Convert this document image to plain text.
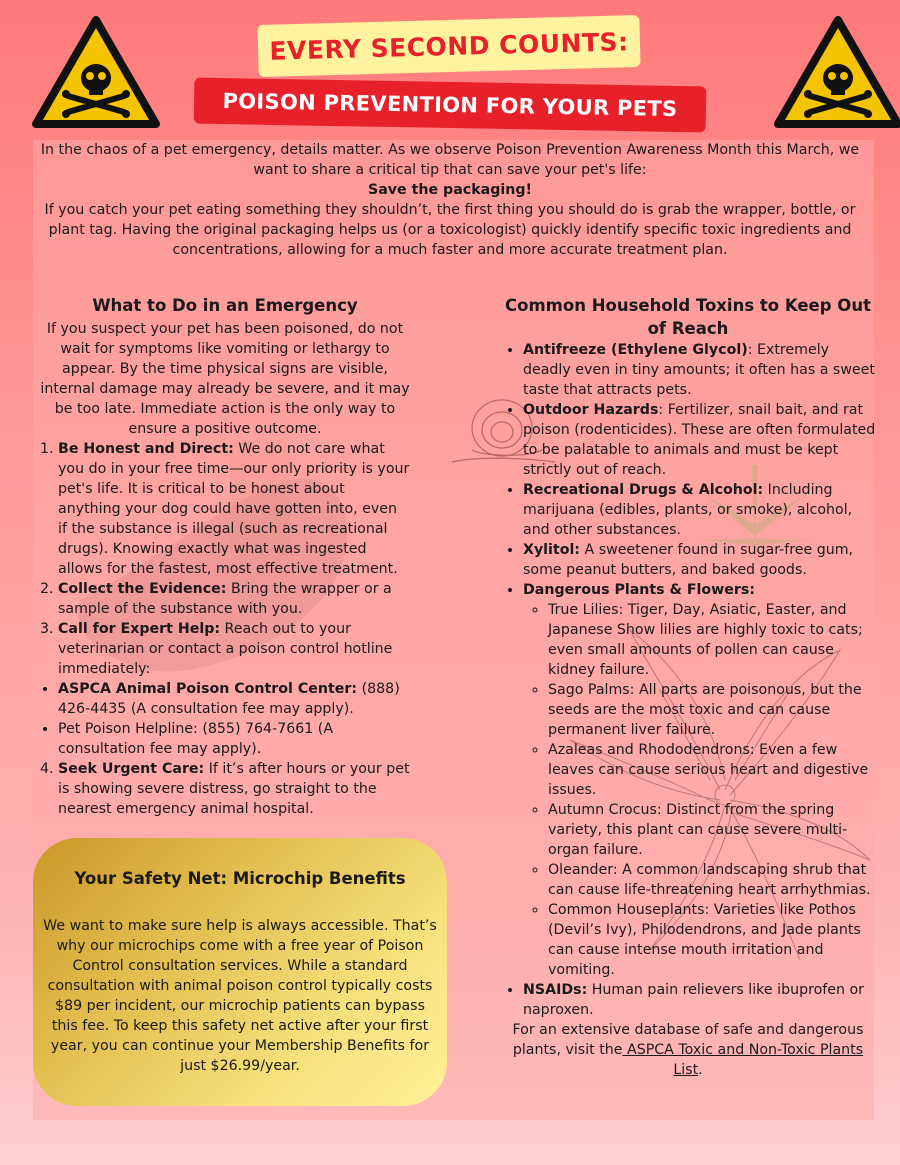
EVERY SECOND COUNTS:
POISON PREVENTION FOR YOUR PETS
In the chaos of a pet emergency, details matter. As we observe Poison Prevention Awareness Month this March, we want to share a critical tip that can save your pet's life:
Save the packaging!
If you catch your pet eating something they shouldn’t, the first thing you should do is grab the wrapper, bottle, or plant tag. Having the original packaging helps us (or a toxicologist) quickly identify specific toxic ingredients and concentrations, allowing for a much faster and more accurate treatment plan.
What to Do in an Emergency
If you suspect your pet has been poisoned, do not wait for symptoms like vomiting or lethargy to appear. By the time physical signs are visible, internal damage may already be severe, and it may be too late. Immediate action is the only way to ensure a positive outcome.
1. Be Honest and Direct: We do not care what you do in your free time—our only priority is your pet's life. It is critical to be honest about anything your dog could have gotten into, even if the substance is illegal (such as recreational drugs). Knowing exactly what was ingested allows for the fastest, most effective treatment.
2. Collect the Evidence: Bring the wrapper or a sample of the substance with you.
3. Call for Expert Help: Reach out to your veterinarian or contact a poison control hotline immediately:
• ASPCA Animal Poison Control Center: (888) 426-4435 (A consultation fee may apply).
• Pet Poison Helpline: (855) 764-7661 (A consultation fee may apply).
4. Seek Urgent Care: If it’s after hours or your pet is showing severe distress, go straight to the nearest emergency animal hospital.
Common Household Toxins to Keep Out of Reach
• Antifreeze (Ethylene Glycol): Extremely deadly even in tiny amounts; it often has a sweet taste that attracts pets.
• Outdoor Hazards: Fertilizer, snail bait, and rat poison (rodenticides). These are often formulated to be palatable to animals and must be kept strictly out of reach.
• Recreational Drugs & Alcohol: Including marijuana (edibles, plants, or smoke), alcohol, and other substances.
• Xylitol: A sweetener found in sugar-free gum, some peanut butters, and baked goods.
• Dangerous Plants & Flowers:
◦ True Lilies: Tiger, Day, Asiatic, Easter, and Japanese Show lilies are highly toxic to cats; even small amounts of pollen can cause kidney failure.
◦ Sago Palms: All parts are poisonous, but the seeds are the most toxic and can cause permanent liver failure.
◦ Azaleas and Rhododendrons: Even a few leaves can cause serious heart and digestive issues.
◦ Autumn Crocus: Distinct from the spring variety, this plant can cause severe multi-organ failure.
◦ Oleander: A common landscaping shrub that can cause life-threatening heart arrhythmias.
◦ Common Houseplants: Varieties like Pothos (Devil’s Ivy), Philodendrons, and Jade plants can cause intense mouth irritation and vomiting.
• NSAIDs: Human pain relievers like ibuprofen or naproxen.
For an extensive database of safe and dangerous plants, visit the ASPCA Toxic and Non-Toxic Plants List.
Your Safety Net: Microchip Benefits
We want to make sure help is always accessible. That’s why our microchips come with a free year of Poison Control consultation services. While a standard consultation with animal poison control typically costs $89 per incident, our microchip patients can bypass this fee. To keep this safety net active after your first year, you can continue your Membership Benefits for just $26.99/year.
